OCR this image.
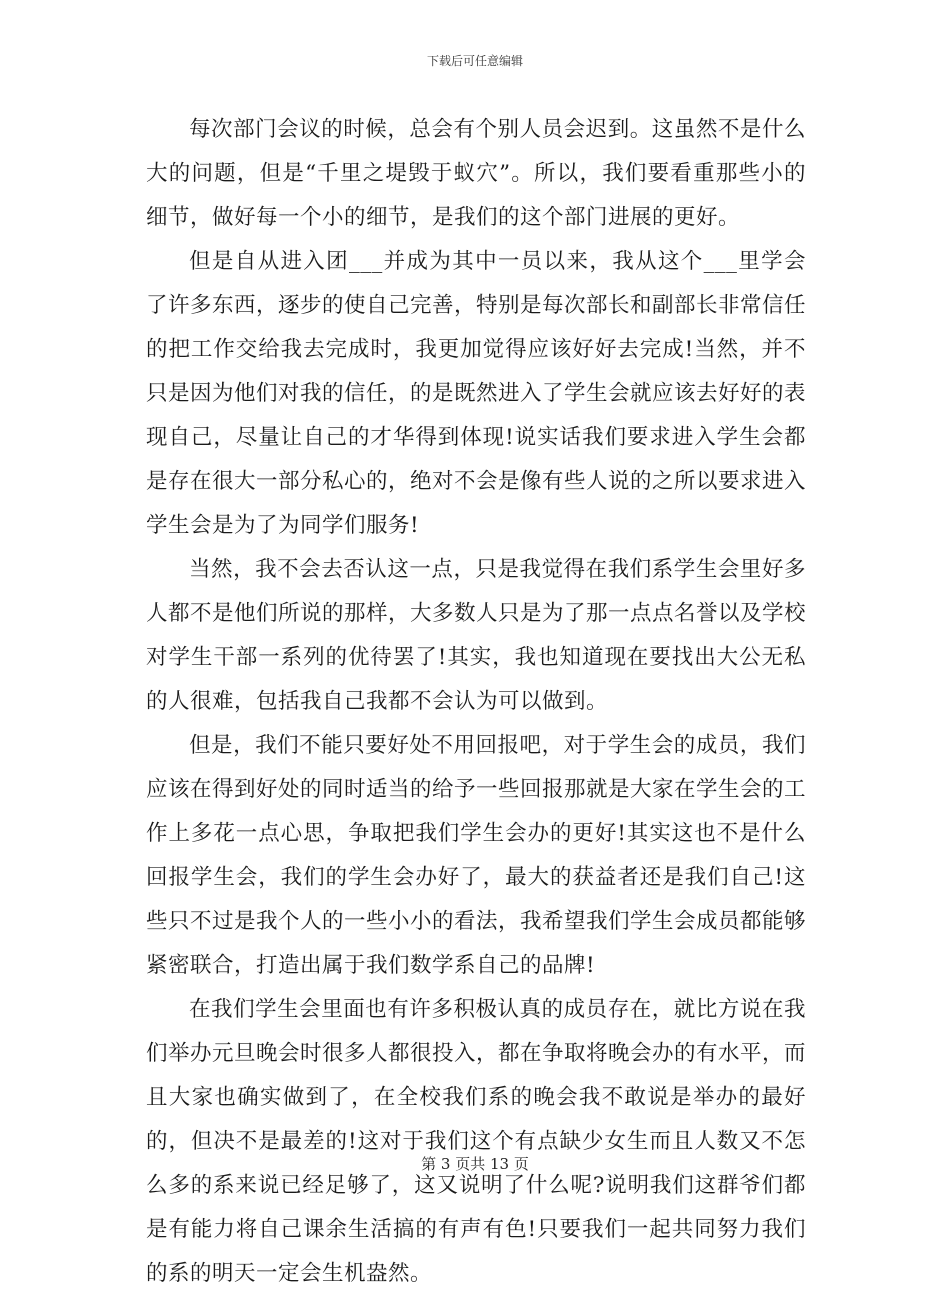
下载后可任意编辑

每次部门会议的时候，总会有个别人员会迟到。这虽然不是什么大的问题，但是“千里之堤毁于蚁穴”。所以，我们要看重那些小的细节，做好每一个小的细节，是我们的这个部门进展的更好。

但是自从进入团___并成为其中一员以来，我从这个___里学会了许多东西，逐步的使自己完善，特别是每次部长和副部长非常信任的把工作交给我去完成时，我更加觉得应该好好去完成!当然，并不只是因为他们对我的信任，的是既然进入了学生会就应该去好好的表现自己，尽量让自己的才华得到体现!说实话我们要求进入学生会都是存在很大一部分私心的，绝对不会是像有些人说的之所以要求进入学生会是为了为同学们服务!

当然，我不会去否认这一点，只是我觉得在我们系学生会里好多人都不是他们所说的那样，大多数人只是为了那一点点名誉以及学校对学生干部一系列的优待罢了!其实，我也知道现在要找出大公无私的人很难，包括我自己我都不会认为可以做到。

但是，我们不能只要好处不用回报吧，对于学生会的成员，我们应该在得到好处的同时适当的给予一些回报那就是大家在学生会的工作上多花一点心思，争取把我们学生会办的更好!其实这也不是什么回报学生会，我们的学生会办好了，最大的获益者还是我们自己!这些只不过是我个人的一些小小的看法，我希望我们学生会成员都能够紧密联合，打造出属于我们数学系自己的品牌!

在我们学生会里面也有许多积极认真的成员存在，就比方说在我们举办元旦晚会时很多人都很投入，都在争取将晚会办的有水平，而且大家也确实做到了，在全校我们系的晚会我不敢说是举办的最好的，但决不是最差的!这对于我们这个有点缺少女生而且人数又不怎么多的系来说已经足够了，这又说明了什么呢?说明我们这群爷们都是有能力将自己课余生活搞的有声有色!只要我们一起共同努力我们的系的明天一定会生机盎然。

第 3 页共 13 页
